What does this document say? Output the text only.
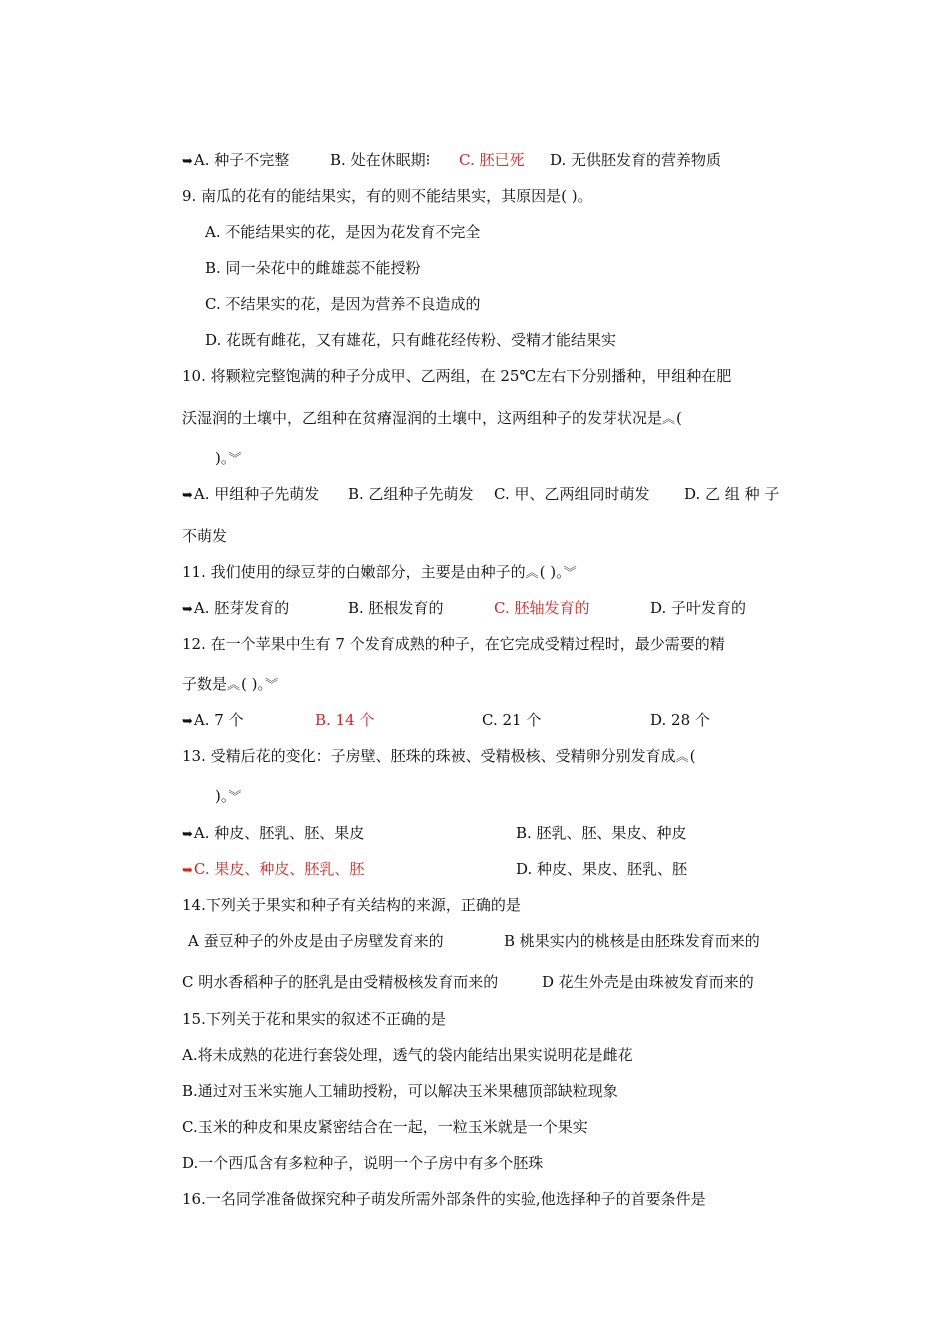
➥A. 种子不完整	B. 处在休眠期⁝ C. 胚已死 D. 无供胚发育的营养物质
9. 南瓜的花有的能结果实，有的则不能结果实，其原因是( )。
A. 不能结果实的花，是因为花发育不完全
B. 同一朵花中的雌雄蕊不能授粉
C. 不结果实的花，是因为营养不良造成的
D. 花既有雌花，又有雄花，只有雌花经传粉、受精才能结果实
10. 将颗粒完整饱满的种子分成甲、乙两组，在 25℃左右下分别播种，甲组种在肥
沃湿润的土壤中，乙组种在贫瘠湿润的土壤中，这两组种子的发芽状况是︽(
)。︾
➥A. 甲组种子先萌发 B. 乙组种子先萌发 C. 甲、乙两组同时萌发 D. 乙 组 种 子
不萌发
11. 我们使用的绿豆芽的白嫩部分，主要是由种子的︽( )。︾
➥A. 胚芽发育的	B. 胚根发育的	C. 胚轴发育的	D. 子叶发育的
12. 在一个苹果中生有 7 个发育成熟的种子，在它完成受精过程时，最少需要的精
子数是︽( )。︾
➥A. 7 个	B. 14 个	C. 21 个	D. 28 个
13. 受精后花的变化：子房壁、胚珠的珠被、受精极核、受精卵分别发育成︽(
)。︾
➥A. 种皮、胚乳、胚、果皮	B. 胚乳、胚、果皮、种皮
➥C. 果皮、种皮、胚乳、胚	D. 种皮、果皮、胚乳、胚
14.下列关于果实和种子有关结构的来源，正确的是
A 蚕豆种子的外皮是由子房壁发育来的	B 桃果实内的桃核是由胚珠发育而来的
C 明水香稻种子的胚乳是由受精极核发育而来的	D 花生外壳是由珠被发育而来的
15.下列关于花和果实的叙述不正确的是
A.将未成熟的花进行套袋处理，透气的袋内能结出果实说明花是雌花
B.通过对玉米实施人工辅助授粉，可以解决玉米果穗顶部缺粒现象
C.玉米的种皮和果皮紧密结合在一起，一粒玉米就是一个果实
D.一个西瓜含有多粒种子，说明一个子房中有多个胚珠
16.一名同学准备做探究种子萌发所需外部条件的实验,他选择种子的首要条件是
